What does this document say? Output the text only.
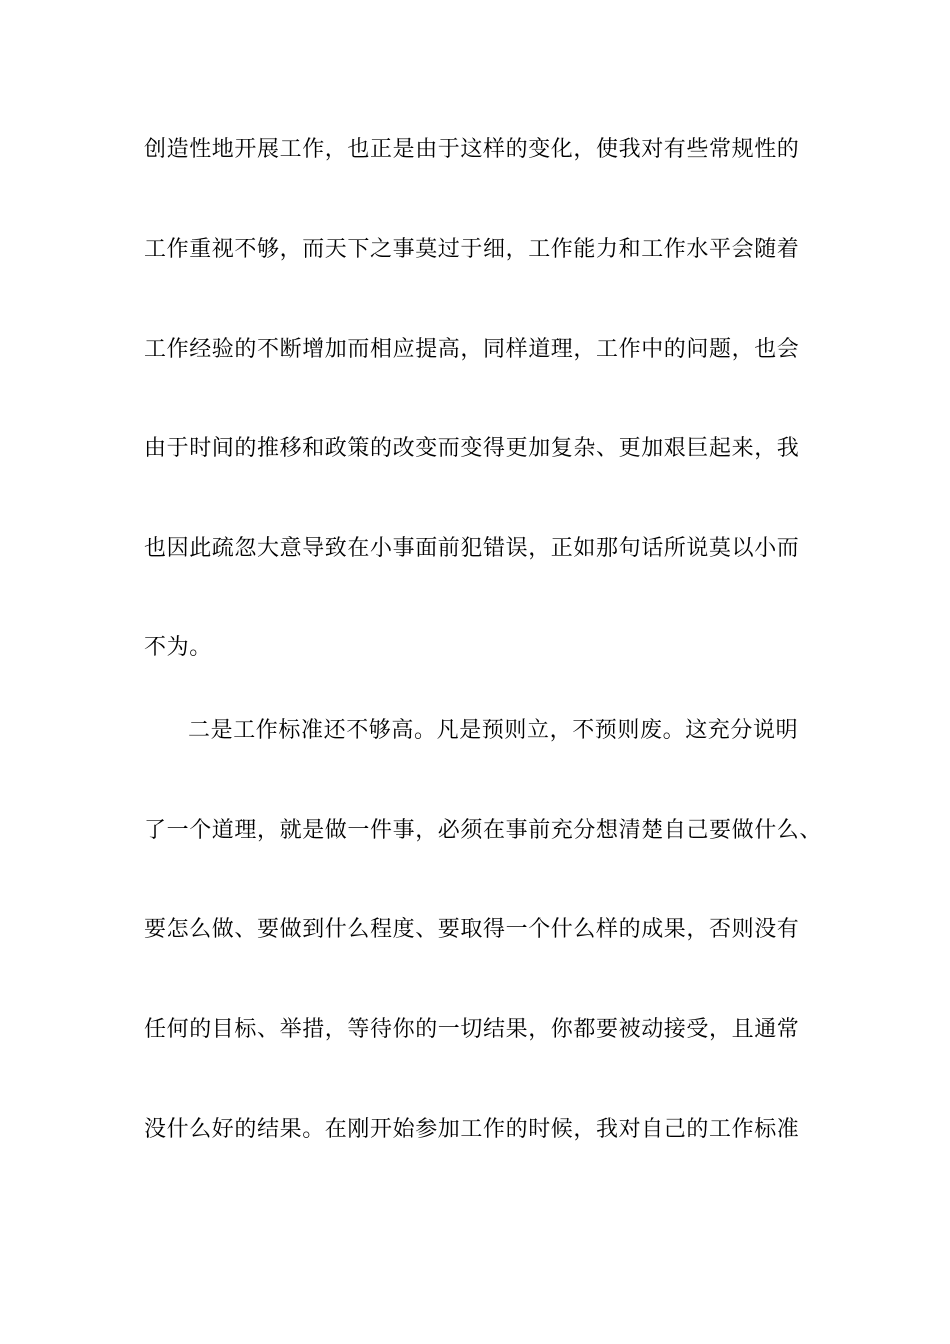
创造性地开展工作，也正是由于这样的变化，使我对有些常规性的
工作重视不够，而天下之事莫过于细，工作能力和工作水平会随着
工作经验的不断增加而相应提高，同样道理，工作中的问题，也会
由于时间的推移和政策的改变而变得更加复杂、更加艰巨起来，我
也因此疏忽大意导致在小事面前犯错误，正如那句话所说莫以小而
不为。
二是工作标准还不够高。凡是预则立，不预则废。这充分说明
了一个道理，就是做一件事，必须在事前充分想清楚自己要做什么、
要怎么做、要做到什么程度、要取得一个什么样的成果，否则没有
任何的目标、举措，等待你的一切结果，你都要被动接受，且通常
没什么好的结果。在刚开始参加工作的时候，我对自己的工作标准
